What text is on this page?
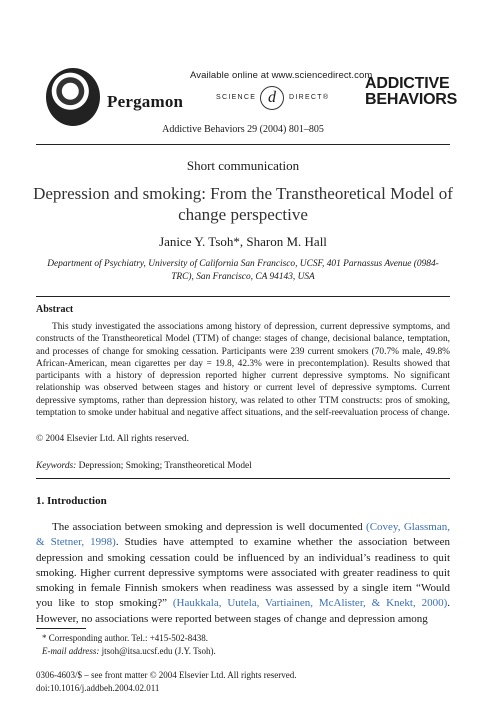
Pergamon
Available online at www.sciencedirect.com
SCIENCE d	DIRECT®
ADDICTIVE BEHAVIORS
Addictive Behaviors 29 (2004) 801–805
Short communication
Depression and smoking: From the Transtheoretical Model of change perspective
Janice Y. Tsoh*, Sharon M. Hall
Department of Psychiatry, University of California San Francisco, UCSF, 401 Parnassus Avenue (0984-TRC), San Francisco, CA 94143, USA
Abstract
This study investigated the associations among history of depression, current depressive symptoms, and constructs of the Transtheoretical Model (TTM) of change: stages of change, decisional balance, temptation, and processes of change for smoking cessation. Participants were 239 current smokers (70.7% male, 49.8% African-American, mean cigarettes per day = 19.8, 42.3% were in precontemplation). Results showed that participants with a history of depression reported higher current depressive symptoms. No significant relationship was observed between stages and history or current level of depressive symptoms. Current depressive symptoms, rather than depression history, was related to other TTM constructs: pros of smoking, temptation to smoke under habitual and negative affect situations, and the self-reevaluation process of change.
© 2004 Elsevier Ltd. All rights reserved.
Keywords: Depression; Smoking; Transtheoretical Model
1. Introduction
The association between smoking and depression is well documented (Covey, Glassman, & Stetner, 1998). Studies have attempted to examine whether the association between depression and smoking cessation could be influenced by an individual’s readiness to quit smoking. Higher current depressive symptoms were associated with greater readiness to quit smoking in female Finnish smokers when readiness was assessed by a single item “Would you like to stop smoking?” (Haukkala, Uutela, Vartiainen, McAlister, & Knekt, 2000). However, no associations were reported between stages of change and depression among
* Corresponding author. Tel.: +415-502-8438.
E-mail address: jtsoh@itsa.ucsf.edu (J.Y. Tsoh).
0306-4603/$ – see front matter © 2004 Elsevier Ltd. All rights reserved.
doi:10.1016/j.addbeh.2004.02.011
